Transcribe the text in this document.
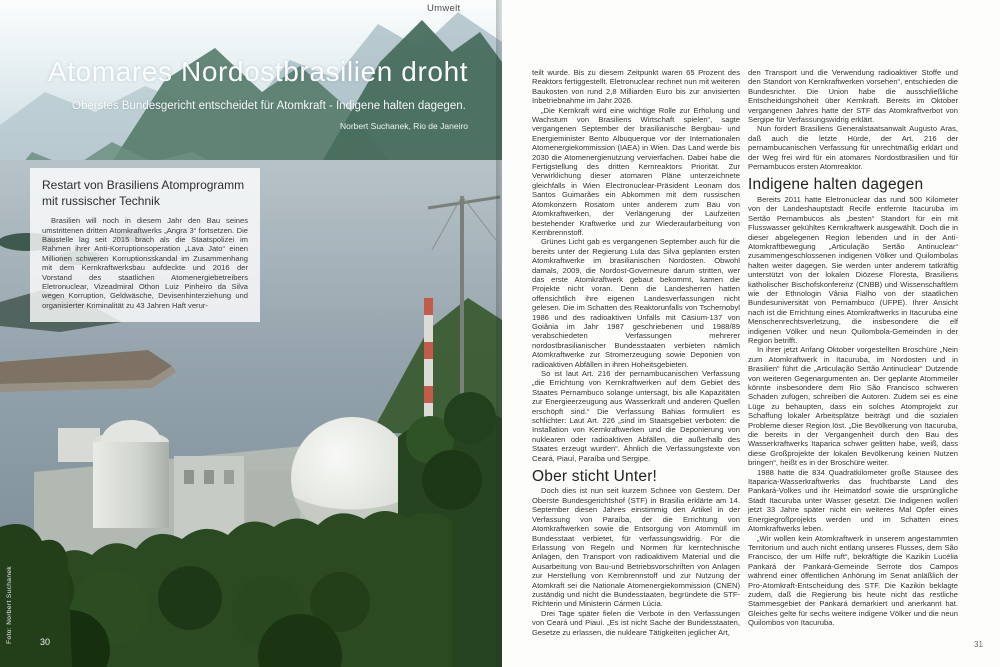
Atomares Nordostbrasilien droht
Oberstes Bundesgericht entscheidet für Atomkraft - Indigene halten dagegen.
Norbert Suchanek, Rio de Janeiro
Restart von Brasiliens Atomprogramm mit russischer Technik

Brasilien will noch in diesem Jahr den Bau seines umstrittenen dritten Atomkraftwerks „Angra 3“ fortsetzen. Die Baustelle lag seit 2015 brach als die Staatspolizei im Rahmen ihrer Anti-Korruptionsoperation „Lava Jato“ einen Millionen schweren Korruptionsskandal im Zusammenhang mit dem Kernkraftwerksbau aufdeckte und 2016 der Vorstand des staatlichen Atomenergiebetreibers Eletronuclear, Vizeadmiral Othon Luiz Pinheiro da Silva wegen Korruption, Geldwäsche, Devisenhinterziehung und organisierter Kriminalität zu 43 Jahren Haft verur-

Foto: Norbert Suchanek	30
Umwelt

teilt wurde. Bis zu diesem Zeitpunkt waren 65 Prozent des Reaktors fertiggestellt. Eletronuclear rechnet nun mit weiteren Baukosten von rund 2,8 Milliarden Euro bis zur anvisierten Inbetriebnahme im Jahr 2026.

„Die Kernkraft wird eine wichtige Rolle zur Erholung und Wachstum von Brasiliens Wirtschaft spielen“, sagte vergangenen September der brasilianische Bergbau- und Energieminister Bento Albuquerque vor der Internationalen Atomenergiekommission (IAEA) in Wien. Das Land werde bis 2030 die Atomenergienutzung vervierfachen. Dabei habe die Fertigstellung des dritten Kernreaktors Priorität. Zur Verwirklichung dieser atomaren Pläne unterzeichnete gleichfalls in Wien Electronuclear-Präsident Leonam dos Santos Guimarães ein Abkommen mit dem russischen Atomkonzern Rosatom unter anderem zum Bau von Atomkraftwerken, der Verlängerung der Laufzeiten bestehender Kraftwerke und zur Wiederaufarbeitung von Kernbrennstoff.

Grünes Licht gab es vergangenen September auch für die bereits unter der Regierung Lula das Silva geplanten ersten Atomkraftwerke im brasilianischen Nordosten. Obwohl damals, 2009, die Nordost-Governeure darum stritten, wer das erste Atomkraftwerk gebaut bekommt, kamen die Projekte nicht voran. Denn die Landesherren hatten offensichtlich ihre eigenen Landesverfassungen nicht gelesen. Die im Schatten des Reaktorunfalls von Tschernobyl 1986 und des radioaktiven Unfalls mit Cäsium-137 von Goiânia im Jahr 1987 geschriebenen und 1988/89 verabschiedeten Verfassungen mehrerer nordostbrasilianischer Bundesstaaten verbieten nämlich Atomkraftwerke zur Stromerzeugung sowie Deponien von radioaktiven Abfällen in ihren Hoheitsgebieten.

So ist laut Art. 216 der pernambucanischen Verfassung „die Errichtung von Kernkraftwerken auf dem Gebiet des Staates Pernambuco solange untersagt, bis alle Kapazitäten zur Energieerzeugung aus Wasserkraft und anderen Quellen erschöpft sind.“ Die Verfassung Bahias formuliert es schlichter: Laut Art. 226 „sind im Staatsgebiet verboten: die Installation von Kernkraftwerken und die Deponierung von nuklearen oder radioaktiven Abfällen, die außerhalb des Staates erzeugt wurden“. Ähnlich die Verfassungstexte von Ceará, Piauí, Paraíba und Sergipe.

Ober sticht Unter!

Doch dies ist nun seit kurzem Schnee von Gestern. Der Oberste Bundesgerichtshof (STF) in Brasilia erklärte am 14. September diesen Jahres einstimmig den Artikel in der Verfassung von Paraíba, der die Errichtung von Atomkraftwerken sowie die Entsorgung von Atommüll im Bundesstaat verbietet, für verfassungswidrig. Für die Erlassung von Regeln und Normen für kerntechnische Anlagen, den Transport von radioaktivem Material und die Ausarbeitung von Bau-und Betriebsvorschriften von Anlagen zur Herstellung von Kernbrennstoff und zur Nutzung der Atomkraft sei die Nationale Atomenergiekommission (CNEN) zuständig und nicht die Bundesstaaten, begründete die STF-Richterin und Ministerin Cármen Lúcia.

Drei Tage später fielen die Verbote in den Verfassungen von Ceará und Piauí. „Es ist nicht Sache der Bundesstaaten, Gesetze zu erlassen, die nukleare Tätigkeiten jeglicher Art,

den Transport und die Verwendung radioaktiver Stoffe und den Standort von Kernkraftwerken vorsehen“, entschieden die Bundesrichter. Die Union habe die ausschließliche Entscheidungshoheit über Kernkraft. Bereits im Oktober vergangenen Jahres hatte der STF das Atomkraftverbot von Sergipe für Verfassungswidrig erklärt.

Nun fordert Brasiliens Generalstaatsanwalt Augusto Aras, daß auch die letzte Hürde, der Art. 216 der pernambucanischen Verfassung für unrechtmäßig erklärt und der Weg frei wird für ein atomares Nordostbrasilien und für Pernambucos ersten Atomreaktor.

Indigene halten dagegen

Bereits 2011 hatte Eletronuclear das rund 500 Kilometer von der Landeshauptstadt Recife entfernte Itacuruba im Sertão Pernambucos als „besten“ Standort für ein mit Flusswasser gekühltes Kernkraftwerk ausgewählt. Doch die in dieser abgelegenen Region lebenden und in der Anti-Atomkraftbewegung „Articulação Sertão Antinuclear“ zusammengeschlossenen indigenen Völker und Quilombolas halten weiter dagegen. Sie werden unter anderem tatkräftig unterstützt von der lokalen Diözese Floresta, Brasiliens katholischer Bischofskonferenz (CNBB) und Wissenschaftlern wie der Ethnologin Vânia Fialho von der staatlichen Bundesuniversität von Pernambuco (UFPE). Ihrer Ansicht nach ist die Errichtung eines Atomkraftwerks in Itacuruba eine Menschenrechtsverletzung, die insbesondere die elf indigenen Völker und neun Quilombola-Gemeinden in der Region betrifft.

In ihrer jetzt Anfang Oktober vorgestellten Broschüre „Nein zum Atomkraftwerk in Itacuruba, im Nordosten und in Brasilien“ führt die „Articulação Sertão Antinuclear“ Dutzende von weiteren Gegenargumenten an. Der geplante Atommeiler könnte insbesondere dem Rio São Francisco schweren Schaden zufügen, schreiben die Autoren. Zudem sei es eine Lüge zu behaupten, dass ein solches Atomprojekt zur Schaffung lokaler Arbeitsplätze beiträgt und die sozialen Probleme dieser Region löst. „Die Bevölkerung von Itacuruba, die bereits in der Vergangenheit durch den Bau des Wasserkraftwerks Itaparica schwer gelitten habe, weiß, dass diese Großprojekte der lokalen Bevölkerung keinen Nutzen bringen“, heißt es in der Broschüre weiter.

1988 hatte die 834 Quadratkilometer große Stausee des Itaparica-Wasserkraftwerks das fruchtbarste Land des Pankará-Volkes und ihr Heimatdorf sowie die ursprüngliche Stadt Itacuruba unter Wasser gesetzt. Die Indigenen wollen jetzt 33 Jahre später nicht ein weiteres Mal Opfer eines Energiegroßprojekts werden und im Schatten eines Atomkraftwerks leben.

„Wir wollen kein Atomkraftwerk in unserem angestammten Territorium und auch nicht entlang unseres Flusses, dem São Francisco, der um Hilfe ruft“, bekräftigte die Kazikin Lucélia Pankará der Pankará-Gemeinde Serrote dos Campos während einer öffentlichen Anhörung im Senat anläßlich der Pro-Atomkraft-Entscheidung des STF. Die Kazikin beklagte zudem, daß die Regierung bis heute nicht das restliche Stammesgebiet der Pankará demarkiert und anerkannt hat. Gleiches gelte für sechs weitere indigene Völker und die neun Quilombos von Itacuruba.

31
